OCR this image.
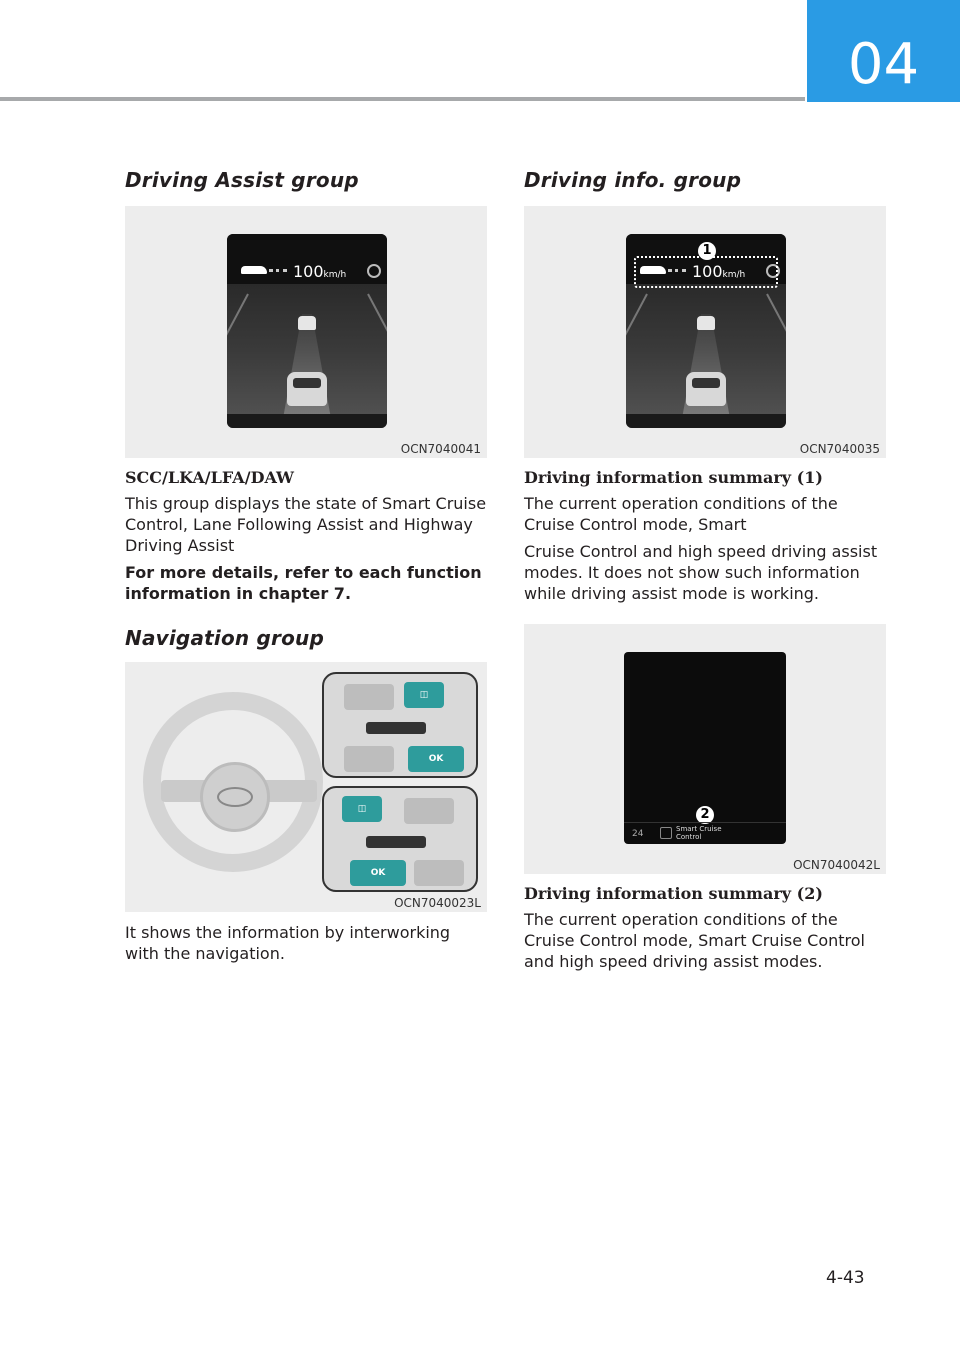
04
Driving Assist group
100km/h
OCN7040041
SCC/LKA/LFA/DAW

This group displays the state of Smart Cruise Control, Lane Following Assist and Highway Driving Assist

For more details, refer to each function information in chapter 7.

Navigation group
◫
OK
◫
OK
OCN7040023L

It shows the information by interworking with the navigation.

Driving info. group
100km/h
1
OCN7040035
Driving information summary (1)

The current operation conditions of the Cruise Control mode, Smart

Cruise Control and high speed driving assist modes. It does not show such information while driving assist mode is working.

2
24	Smart Cruise
Control
OCN7040042L
Driving information summary (2)

The current operation conditions of the Cruise Control mode, Smart Cruise Control and high speed driving assist modes.

4-43
